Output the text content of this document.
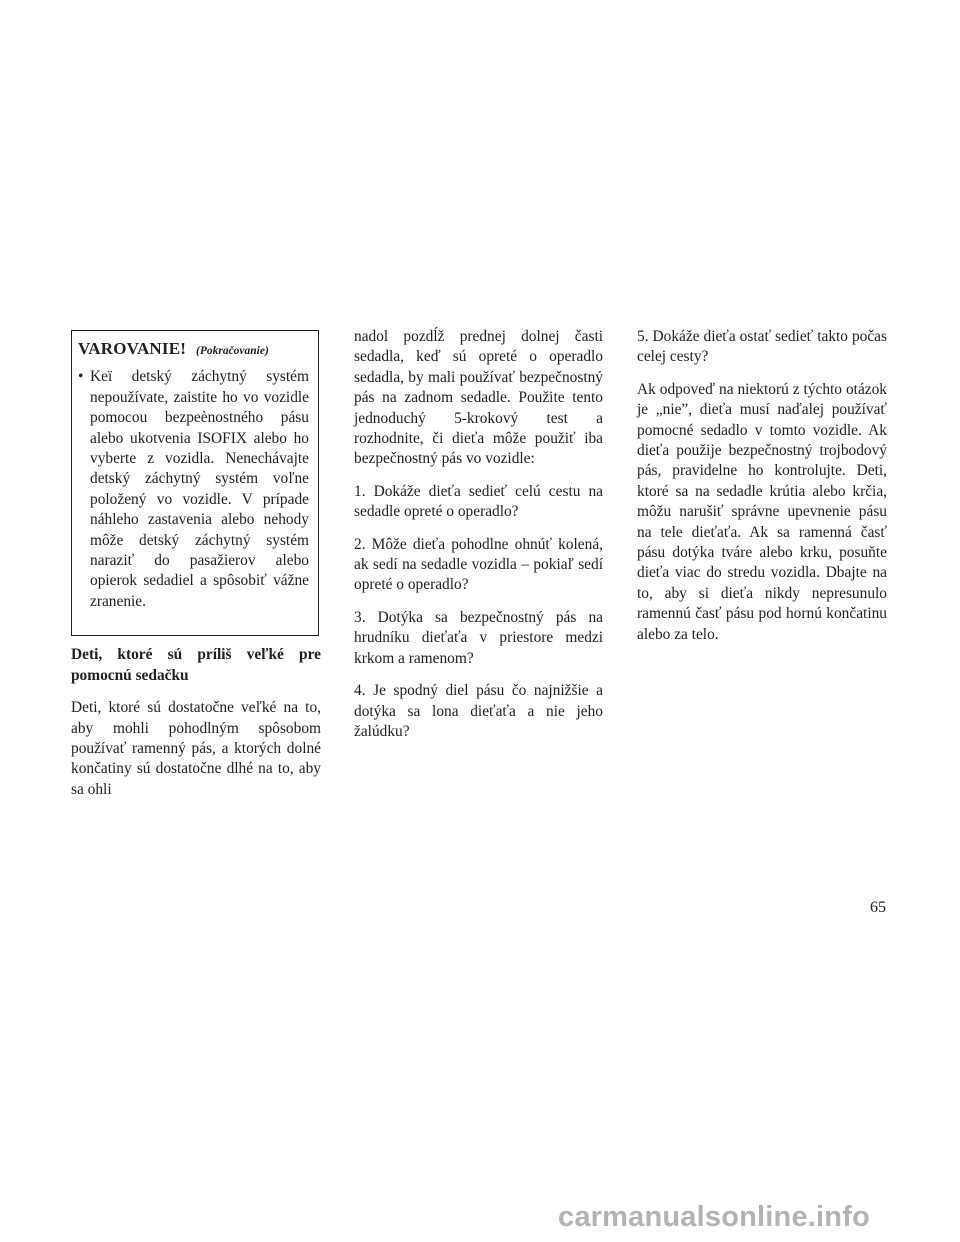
VAROVANIE! (Pokračovanie)
• Keï detský záchytný systém nepoužívate, zaistite ho vo vozidle pomocou bezpeènostného pásu alebo ukotvenia ISOFIX alebo ho vyberte z vozidla. Nenechávajte detský záchytný systém voľne položený vo vozidle. V prípade náhleho zastavenia alebo nehody môže detský záchytný systém naraziť do pasažierov alebo opierok sedadiel a spôsobiť vážne zranenie.

Deti, ktoré sú príliš veľké pre pomocnú sedačku

Deti, ktoré sú dostatočne veľké na to, aby mohli pohodlným spôsobom používať ramenný pás, a ktorých dolné končatiny sú dostatočne dlhé na to, aby sa ohli

nadol pozdĺž prednej dolnej časti sedadla, keď sú opreté o operadlo sedadla, by mali používať bezpečnostný pás na zadnom sedadle. Použite tento jednoduchý 5-krokový test a rozhodnite, či dieťa môže použiť iba bezpečnostný pás vo vozidle:

1. Dokáže dieťa sedieť celú cestu na sedadle opreté o operadlo?

2. Môže dieťa pohodlne ohnúť kolená, ak sedí na sedadle vozidla – pokiaľ sedí opreté o operadlo?

3. Dotýka sa bezpečnostný pás na hrudníku dieťaťa v priestore medzi krkom a ramenom?

4. Je spodný diel pásu čo najnižšie a dotýka sa lona dieťaťa a nie jeho žalúdku?

5. Dokáže dieťa ostať sedieť takto počas celej cesty?

Ak odpoveď na niektorú z týchto otázok je „nie”, dieťa musí naďalej používať pomocné sedadlo v tomto vozidle. Ak dieťa použije bezpečnostný trojbodový pás, pravidelne ho kontrolujte. Deti, ktoré sa na sedadle krútia alebo krčia, môžu narušiť správne upevnenie pásu na tele dieťaťa. Ak sa ramenná časť pásu dotýka tváre alebo krku, posuňte dieťa viac do stredu vozidla. Dbajte na to, aby si dieťa nikdy nepresunulo ramennú časť pásu pod hornú končatinu alebo za telo.

65
carmanualsonline.info
